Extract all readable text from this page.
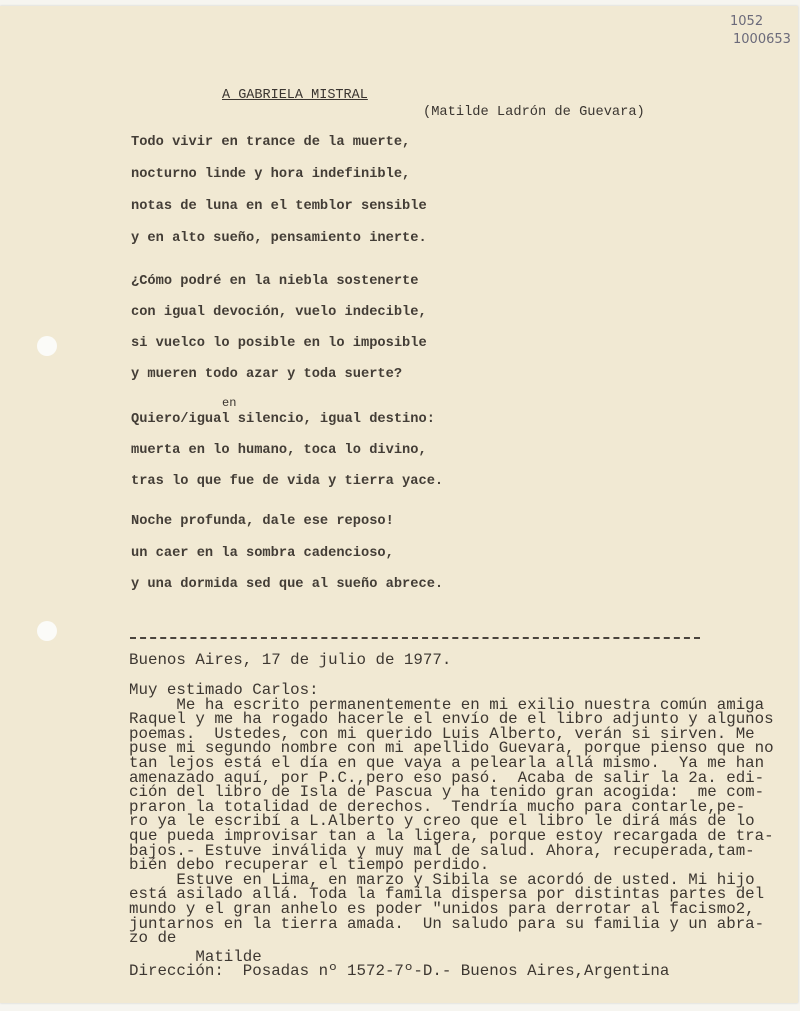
1052
1000653
A GABRIELA MISTRAL
(Matilde Ladrón de Guevara)
Todo vivir en trance de la muerte,
nocturno linde y hora indefinible,
notas de luna en el temblor sensible
y en alto sueño, pensamiento inerte.
¿Cómo podré en la niebla sostenerte
con igual devoción, vuelo indecible,
si vuelco lo posible en lo imposible
y mueren todo azar y toda suerte?
Quiero/igual silencio, igual destino:
muerta en lo humano, toca lo divino,
tras lo que fue de vida y tierra yace.
Noche profunda, dale ese reposo!
un caer en la sombra cadencioso,
y una dormida sed que al sueño abrece.
en
Buenos Aires, 17 de julio de 1977.
Muy estimado Carlos:
Me ha escrito permanentemente en mi exilio nuestra común amiga
Raquel y me ha rogado hacerle el envío de el libro adjunto y algunos
poemas.  Ustedes, con mi querido Luis Alberto, verán si sirven. Me
puse mi segundo nombre con mi apellido Guevara, porque pienso que no
tan lejos está el día en que vaya a pelearla allá mismo.  Ya me han
amenazado aquí, por P.C.,pero eso pasó.  Acaba de salir la 2a. edi-
ción del libro de Isla de Pascua y ha tenido gran acogida:  me com-
praron la totalidad de derechos.  Tendría mucho para contarle,pe-
ro ya le escribí a L.Alberto y creo que el libro le dirá más de lo
que pueda improvisar tan a la ligera, porque estoy recargada de tra-
bajos.- Estuve inválida y muy mal de salud. Ahora, recuperada,tam-
bién debo recuperar el tiempo perdido.
Estuve en Lima, en marzo y Sibila se acordó de usted. Mi hijo
está asilado allá. Toda la famila dispersa por distintas partes del
mundo y el gran anhelo es poder "unidos para derrotar al facismo2,
juntarnos en la tierra amada.  Un saludo para su familia y un abra-
zo de
Matilde
Dirección:  Posadas nº 1572-7º-D.- Buenos Aires,Argentina
